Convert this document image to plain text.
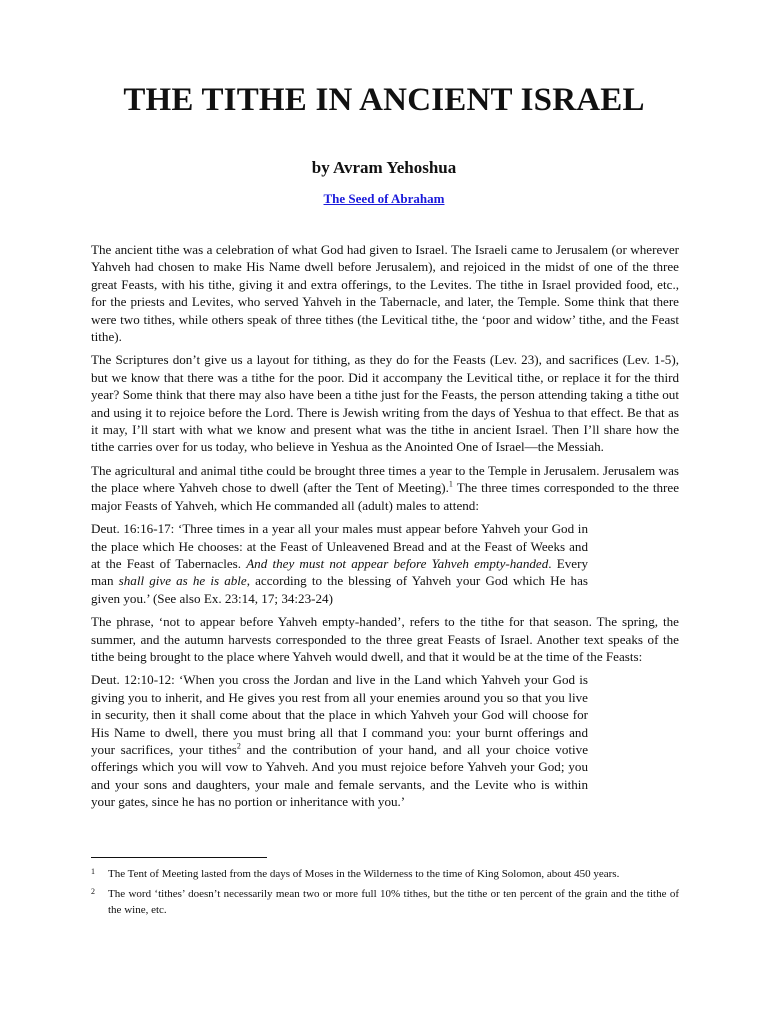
THE TITHE IN ANCIENT ISRAEL
by Avram Yehoshua
The Seed of Abraham

The ancient tithe was a celebration of what God had given to Israel. The Israeli came to Jerusalem (or wherever Yahveh had chosen to make His Name dwell before Jerusalem), and rejoiced in the midst of one of the three great Feasts, with his tithe, giving it and extra offerings, to the Levites. The tithe in Israel provided food, etc., for the priests and Levites, who served Yahveh in the Tabernacle, and later, the Temple. Some think that there were two tithes, while others speak of three tithes (the Levitical tithe, the ‘poor and widow’ tithe, and the Feast tithe).

The Scriptures don’t give us a layout for tithing, as they do for the Feasts (Lev. 23), and sacrifices (Lev. 1-5), but we know that there was a tithe for the poor. Did it accompany the Levitical tithe, or replace it for the third year? Some think that there may also have been a tithe just for the Feasts, the person attending taking a tithe out and using it to rejoice before the Lord. There is Jewish writing from the days of Yeshua to that effect. Be that as it may, I’ll start with what we know and present what was the tithe in ancient Israel. Then I’ll share how the tithe carries over for us today, who believe in Yeshua as the Anointed One of Israel—the Messiah.

The agricultural and animal tithe could be brought three times a year to the Temple in Jerusalem. Jerusalem was the place where Yahveh chose to dwell (after the Tent of Meeting).$^1$ The three times corresponded to the three major Feasts of Yahveh, which He commanded all (adult) males to attend:

Deut. 16:16-17: ‘Three times in a year all your males must appear before Yahveh your God in the place which He chooses: at the Feast of Unleavened Bread and at the Feast of Weeks and at the Feast of Tabernacles. And they must not appear before Yahveh empty-handed. Every man shall give as he is able, according to the blessing of Yahveh your God which He has given you.’ (See also Ex. 23:14, 17; 34:23-24)

The phrase, ‘not to appear before Yahveh empty-handed’, refers to the tithe for that season. The spring, the summer, and the autumn harvests corresponded to the three great Feasts of Israel. Another text speaks of the tithe being brought to the place where Yahveh would dwell, and that it would be at the time of the Feasts:

Deut. 12:10-12: ‘When you cross the Jordan and live in the Land which Yahveh your God is giving you to inherit, and He gives you rest from all your enemies around you so that you live in security, then it shall come about that the place in which Yahveh your God will choose for His Name to dwell, there you must bring all that I command you: your burnt offerings and your sacrifices, your tithes$^2$ and the contribution of your hand, and all your choice votive offerings which you will vow to Yahveh. And you must rejoice before Yahveh your God; you and your sons and daughters, your male and female servants, and the Levite who is within your gates, since he has no portion or inheritance with you.’

1	The Tent of Meeting lasted from the days of Moses in the Wilderness to the time of King Solomon, about 450 years.
2	The word ‘tithes’ doesn’t necessarily mean two or more full 10% tithes, but the tithe or ten percent of the grain and the tithe of the wine, etc.
